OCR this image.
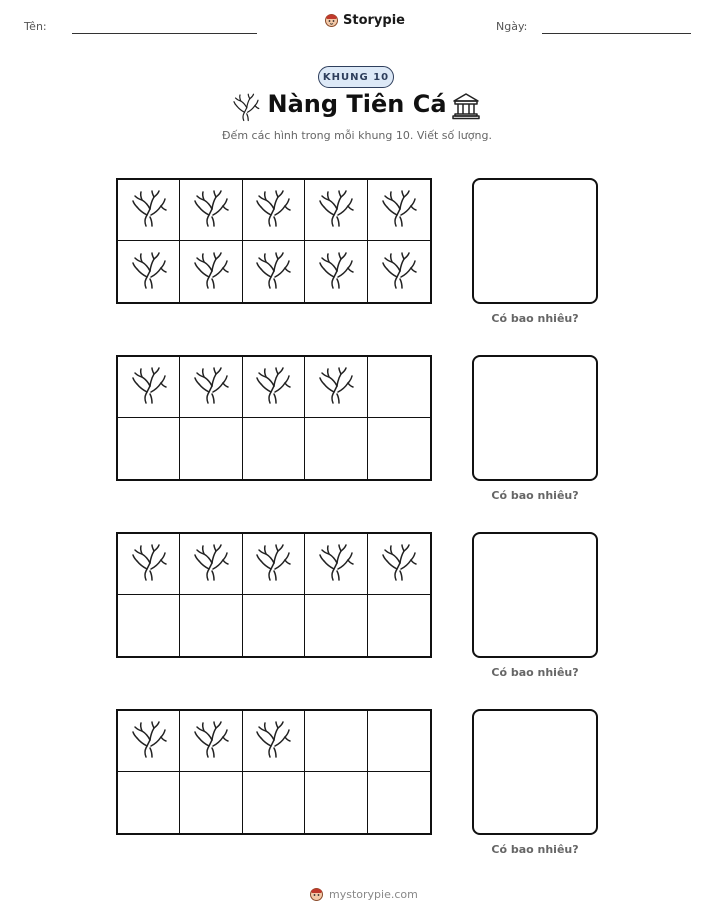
Tên:	Storypie	Ngày:
KHUNG 10
Nàng Tiên Cá
Đếm các hình trong mỗi khung 10. Viết số lượng.
Có bao nhiêu?
Có bao nhiêu?
Có bao nhiêu?
Có bao nhiêu?
mystorypie.com
